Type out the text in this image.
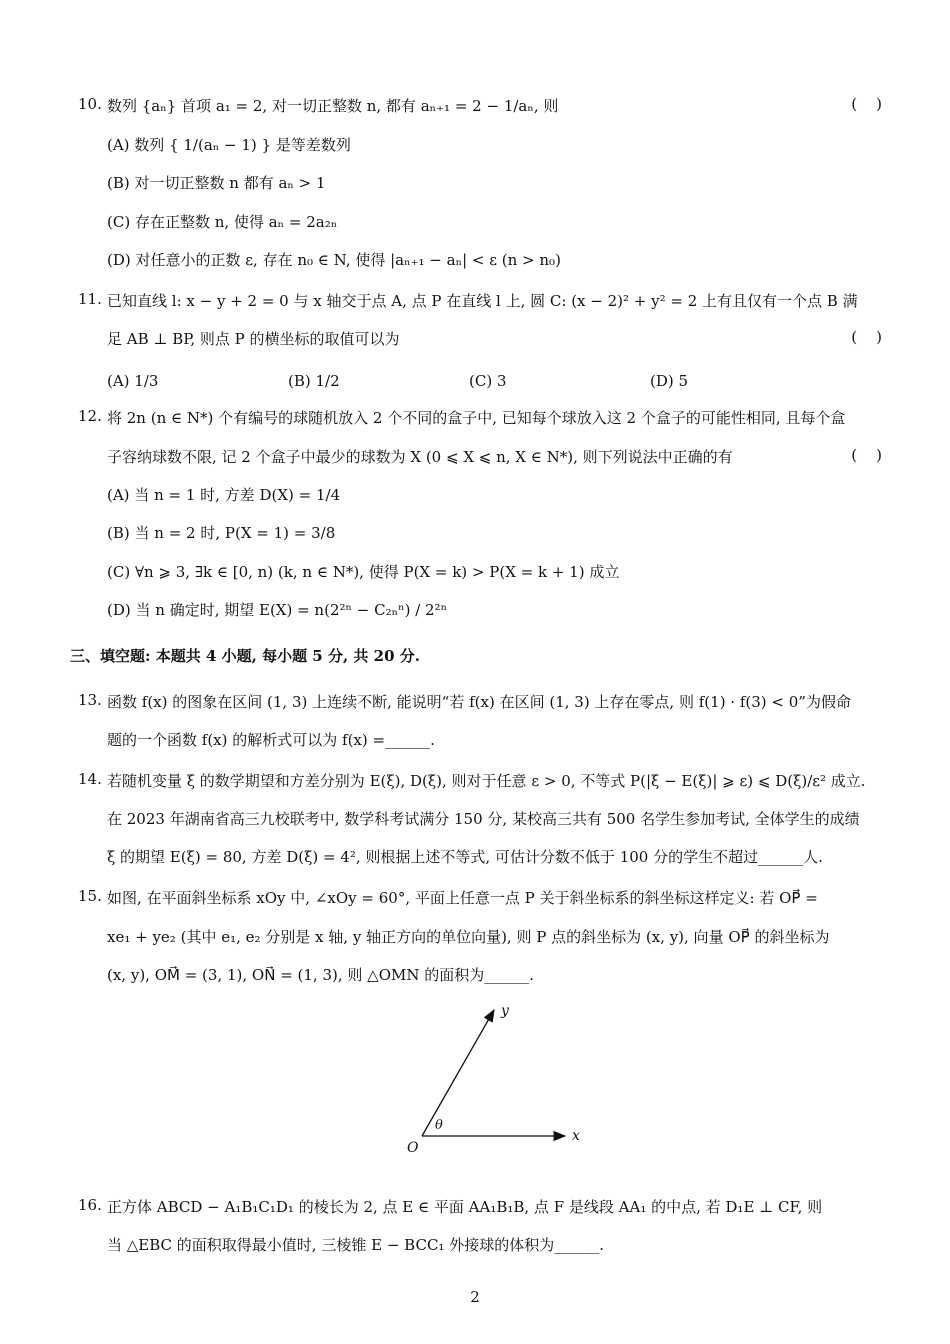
10. 数列 {aₙ} 首项 a₁ = 2, 对一切正整数 n, 都有 aₙ₊₁ = 2 − 1/aₙ, 则	(    )
(A) 数列 { 1/(aₙ − 1) } 是等差数列
(B) 对一切正整数 n 都有 aₙ > 1
(C) 存在正整数 n, 使得 aₙ = 2a₂ₙ
(D) 对任意小的正数 ε, 存在 n₀ ∈ N, 使得 |aₙ₊₁ − aₙ| < ε (n > n₀)
11. 已知直线 l: x − y + 2 = 0 与 x 轴交于点 A, 点 P 在直线 l 上, 圆 C: (x − 2)² + y² = 2 上有且仅有一个点 B 满
足 AB ⊥ BP, 则点 P 的横坐标的取值可以为	(    )
(A) 1/3	(B) 1/2	(C) 3	(D) 5
12. 将 2n (n ∈ N*) 个有编号的球随机放入 2 个不同的盒子中, 已知每个球放入这 2 个盒子的可能性相同, 且每个盒
子容纳球数不限, 记 2 个盒子中最少的球数为 X (0 ⩽ X ⩽ n, X ∈ N*), 则下列说法中正确的有	(    )
(A) 当 n = 1 时, 方差 D(X) = 1/4
(B) 当 n = 2 时, P(X = 1) = 3/8
(C) ∀n ⩾ 3, ∃k ∈ [0, n) (k, n ∈ N*), 使得 P(X = k) > P(X = k + 1) 成立
(D) 当 n 确定时, 期望 E(X) = n(2²ⁿ − C₂ₙⁿ) / 2²ⁿ
三、填空题: 本题共 4 小题, 每小题 5 分, 共 20 分.
13. 函数 f(x) 的图象在区间 (1, 3) 上连续不断, 能说明“若 f(x) 在区间 (1, 3) 上存在零点, 则 f(1) · f(3) < 0”为假命
题的一个函数 f(x) 的解析式可以为 f(x) =______.
14. 若随机变量 ξ 的数学期望和方差分别为 E(ξ), D(ξ), 则对于任意 ε > 0, 不等式 P(|ξ − E(ξ)| ⩾ ε) ⩽ D(ξ)/ε² 成立.
在 2023 年湖南省高三九校联考中, 数学科考试满分 150 分, 某校高三共有 500 名学生参加考试, 全体学生的成绩
ξ 的期望 E(ξ) = 80, 方差 D(ξ) = 4², 则根据上述不等式, 可估计分数不低于 100 分的学生不超过______人.
15. 如图, 在平面斜坐标系 xOy 中, ∠xOy = 60°, 平面上任意一点 P 关于斜坐标系的斜坐标这样定义: 若 OP⃗ =
xe₁ + ye₂ (其中 e₁, e₂ 分别是 x 轴, y 轴正方向的单位向量), 则 P 点的斜坐标为 (x, y), 向量 OP⃗ 的斜坐标为
(x, y), OM⃗ = (3, 1), ON⃗ = (1, 3), 则 △OMN 的面积为______.
y
x
O
θ
16. 正方体 ABCD − A₁B₁C₁D₁ 的棱长为 2, 点 E ∈ 平面 AA₁B₁B, 点 F 是线段 AA₁ 的中点, 若 D₁E ⊥ CF, 则
当 △EBC 的面积取得最小值时, 三棱锥 E − BCC₁ 外接球的体积为______.
2
